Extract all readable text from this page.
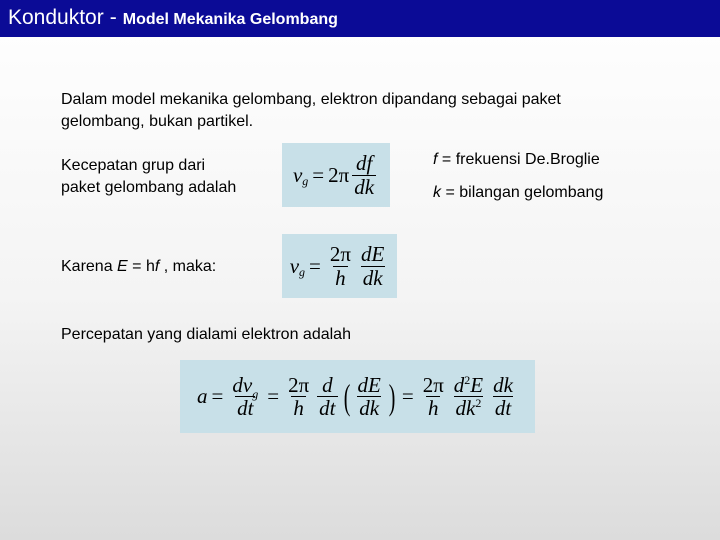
Konduktor - Model Mekanika Gelombang
Dalam model mekanika gelombang, elektron dipandang sebagai paket
gelombang, bukan partikel.
Kecepatan grup dari
paket gelombang adalah
v $g = 2\pi \frac{df}{dk}$	f = frekuensi De.Broglie
k = bilangan gelombang
Karena E = hf , maka:	v $g = \frac{2\pi}{h} \frac{dE}{dk}$
Percepatan yang dialami elektron adalah
$a = \frac{dv_g}{dt} = \frac{2\pi}{h} \frac{d}{dt}$ ( $\frac{dE}{dk}$ ) = $\frac{2\pi}{h} \frac{d^2E}{dk^2} \frac{dk}{dt}$
